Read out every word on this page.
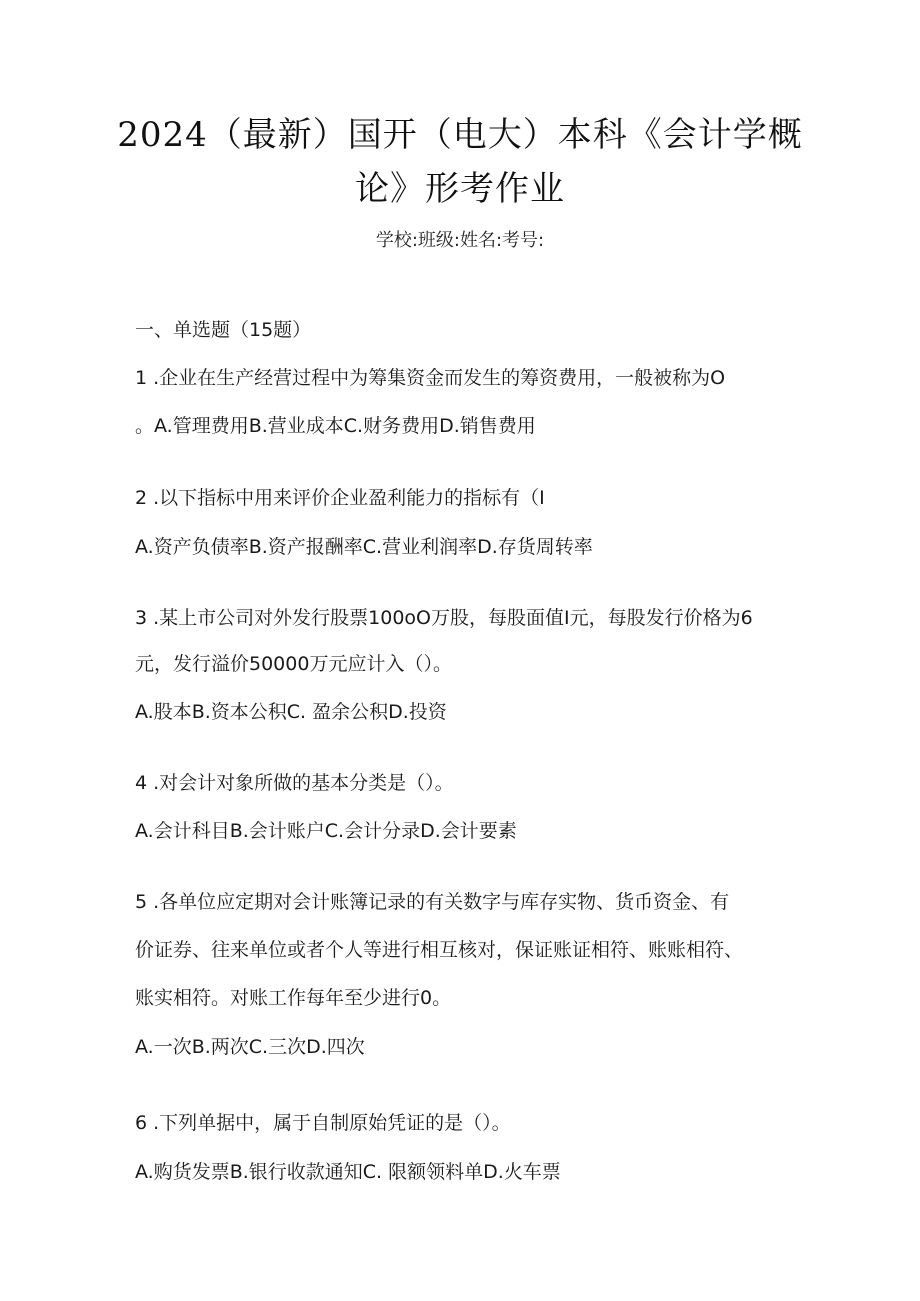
2024（最新）国开（电大）本科《会计学概
论》形考作业
学校:班级:姓名:考号:
一、单选题（15题）
1 .企业在生产经营过程中为筹集资金而发生的筹资费用，一般被称为O
。A.管理费用B.营业成本C.财务费用D.销售费用
2 .以下指标中用来评价企业盈利能力的指标有（I
A.资产负债率B.资产报酬率C.营业利润率D.存货周转率
3 .某上市公司对外发行股票100oO万股，每股面值I元，每股发行价格为6
元，发行溢价50000万元应计入（）。
A.股本B.资本公积C. 盈余公积D.投资
4 .对会计对象所做的基本分类是（）。
A.会计科目B.会计账户C.会计分录D.会计要素
5 .各单位应定期对会计账簿记录的有关数字与库存实物、货币资金、有
价证券、往来单位或者个人等进行相互核对，保证账证相符、账账相符、
账实相符。对账工作每年至少进行0。
A.一次B.两次C.三次D.四次
6 .下列单据中，属于自制原始凭证的是（）。
A.购货发票B.银行收款通知C. 限额领料单D.火车票
